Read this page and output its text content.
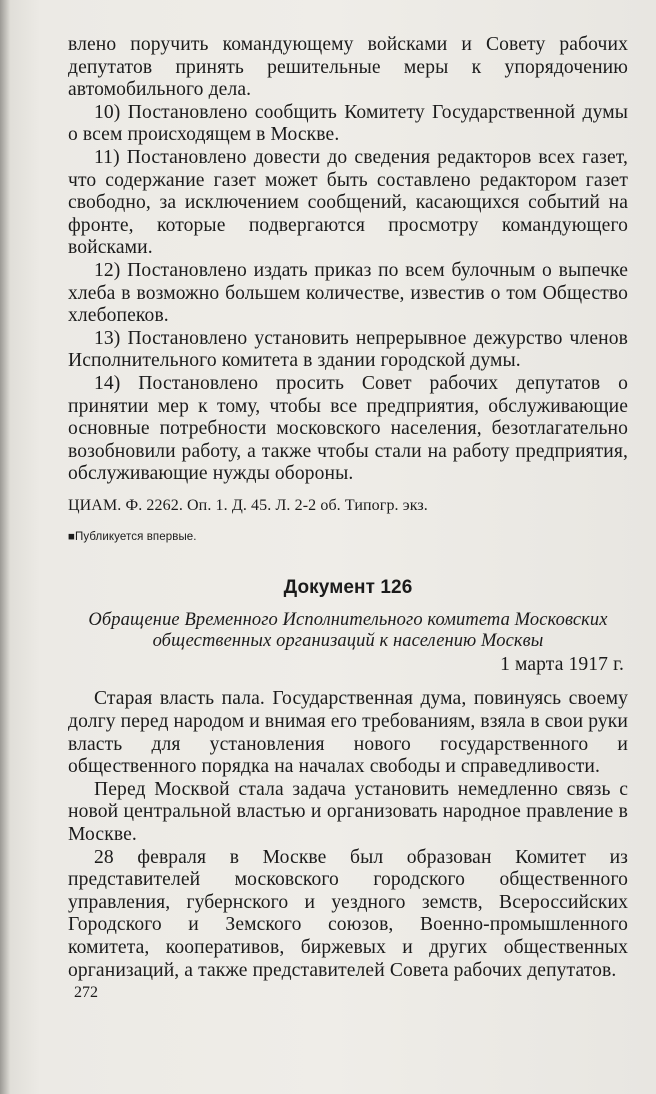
влено поручить командующему войсками и Совету рабочих депутатов принять решительные меры к упорядочению автомобильного дела.

10) Постановлено сообщить Комитету Государственной думы о всем происходящем в Москве.

11) Постановлено довести до сведения редакторов всех газет, что содержание газет может быть составлено редактором газет свободно, за исключением сообщений, касающихся событий на фронте, которые подвергаются просмотру командующего войсками.

12) Постановлено издать приказ по всем булочным о выпечке хлеба в возможно большем количестве, известив о том Общество хлебопеков.

13) Постановлено установить непрерывное дежурство членов Исполнительного комитета в здании городской думы.

14) Постановлено просить Совет рабочих депутатов о принятии мер к тому, чтобы все предприятия, обслуживающие основные потребности московского населения, безотлагательно возобновили работу, а также чтобы стали на работу предприятия, обслуживающие нужды обороны.

ЦИАМ. Ф. 2262. Оп. 1. Д. 45. Л. 2-2 об. Типогр. экз.

■Публикуется впервые.

Документ 126

Обращение Временного Исполнительного комитета Московских общественных организаций к населению Москвы

1 марта 1917 г.

Старая власть пала. Государственная дума, повинуясь своему долгу перед народом и внимая его требованиям, взяла в свои руки власть для установления нового государственного и общественного порядка на началах свободы и справедливости.

Перед Москвой стала задача установить немедленно связь с новой центральной властью и организовать народное правление в Москве.

28 февраля в Москве был образован Комитет из представителей московского городского общественного управления, губернского и уездного земств, Всероссийских Городского и Земского союзов, Военно-промышленного комитета, кооперативов, биржевых и других общественных организаций, а также представителей Совета рабочих депутатов.

272
